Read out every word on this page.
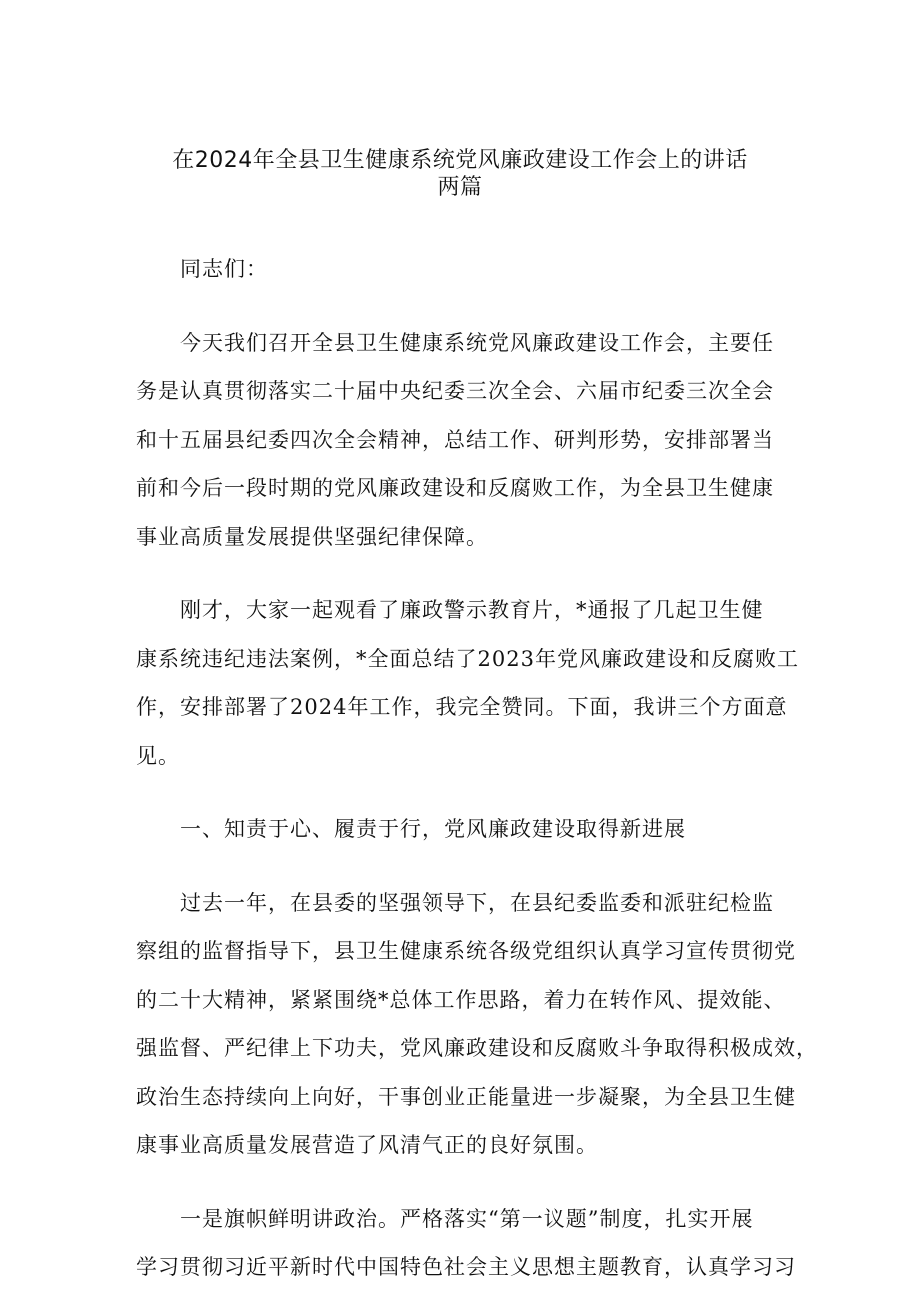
在2024年全县卫生健康系统党风廉政建设工作会上的讲话
两篇
同志们：
今天我们召开全县卫生健康系统党风廉政建设工作会，主要任
务是认真贯彻落实二十届中央纪委三次全会、六届市纪委三次全会
和十五届县纪委四次全会精神，总结工作、研判形势，安排部署当
前和今后一段时期的党风廉政建设和反腐败工作，为全县卫生健康
事业高质量发展提供坚强纪律保障。
刚才，大家一起观看了廉政警示教育片，*通报了几起卫生健
康系统违纪违法案例，*全面总结了2023年党风廉政建设和反腐败工
作，安排部署了2024年工作，我完全赞同。下面，我讲三个方面意
见。
一、知责于心、履责于行，党风廉政建设取得新进展
过去一年，在县委的坚强领导下，在县纪委监委和派驻纪检监
察组的监督指导下，县卫生健康系统各级党组织认真学习宣传贯彻党
的二十大精神，紧紧围绕*总体工作思路，着力在转作风、提效能、
强监督、严纪律上下功夫，党风廉政建设和反腐败斗争取得积极成效，
政治生态持续向上向好，干事创业正能量进一步凝聚，为全县卫生健
康事业高质量发展营造了风清气正的良好氛围。
一是旗帜鲜明讲政治。严格落实“第一议题”制度，扎实开展
学习贯彻习近平新时代中国特色社会主义思想主题教育，认真学习习
